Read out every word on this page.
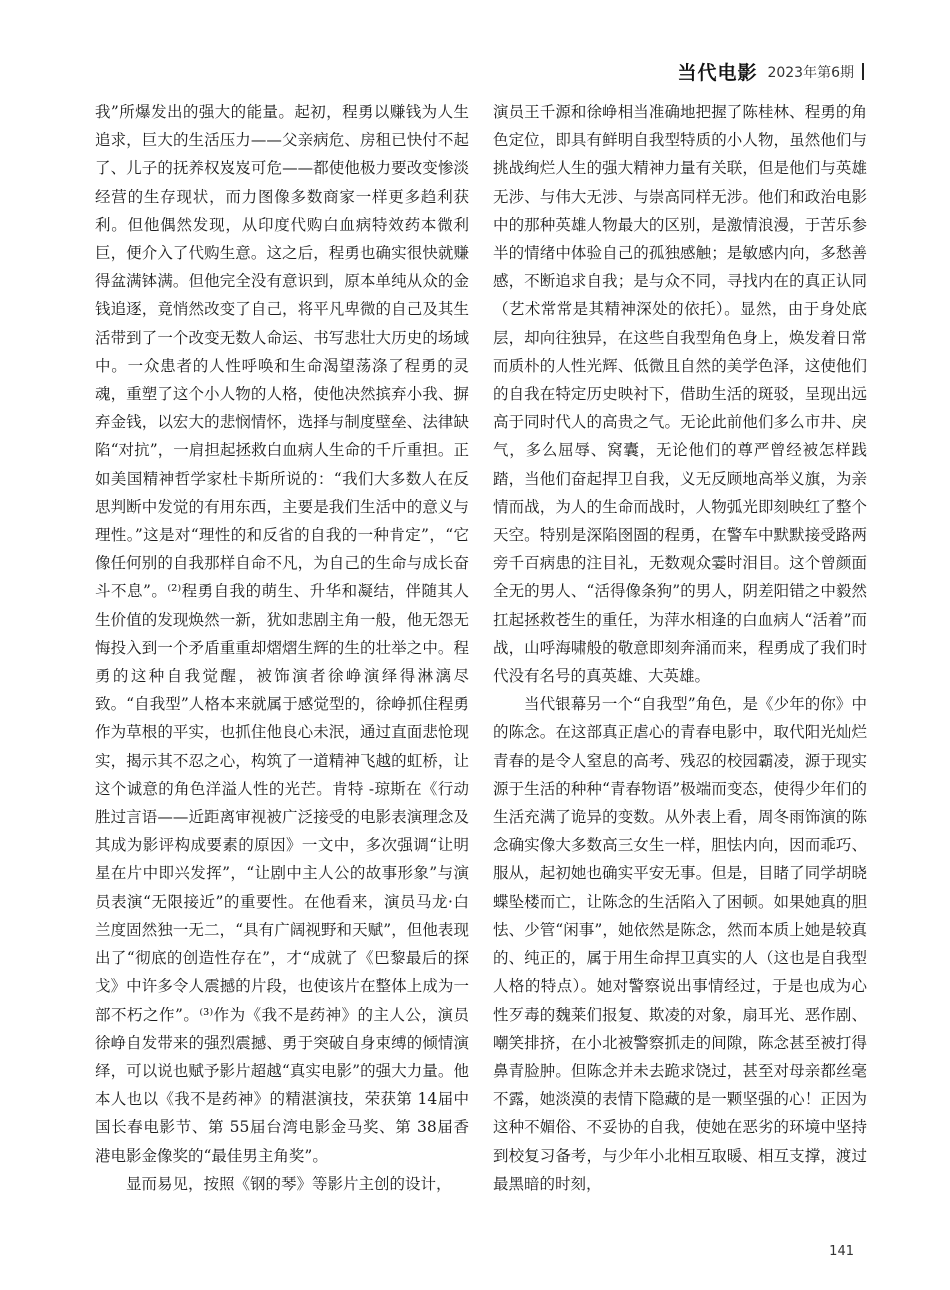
当代电影 2023年第6期

我”所爆发出的强大的能量。起初，程勇以赚钱为人生追求，巨大的生活压力——父亲病危、房租已快付不起了、儿子的抚养权岌岌可危——都使他极力要改变惨淡经营的生存现状，而力图像多数商家一样更多趋利获利。但他偶然发现，从印度代购白血病特效药本微利巨，便介入了代购生意。这之后，程勇也确实很快就赚得盆满钵满。但他完全没有意识到，原本单纯从众的金钱追逐，竟悄然改变了自己，将平凡卑微的自己及其生活带到了一个改变无数人命运、书写悲壮大历史的场域中。一众患者的人性呼唤和生命渴望荡涤了程勇的灵魂，重塑了这个小人物的人格，使他决然摈弃小我、摒弃金钱，以宏大的悲悯情怀，选择与制度壁垒、法律缺陷“对抗”，一肩担起拯救白血病人生命的千斤重担。正如美国精神哲学家杜卡斯所说的：“我们大多数人在反思判断中发觉的有用东西，主要是我们生活中的意义与理性。”这是对“理性的和反省的自我的一种肯定”，“它像任何别的自我那样自命不凡，为自己的生命与成长奋斗不息”。⁽²⁾程勇自我的萌生、升华和凝结，伴随其人生价值的发现焕然一新，犹如悲剧主角一般，他无怨无悔投入到一个矛盾重重却熠熠生辉的生的壮举之中。程勇的这种自我觉醒，被饰演者徐峥演绎得淋漓尽致。“自我型”人格本来就属于感觉型的，徐峥抓住程勇作为草根的平实，也抓住他良心未泯，通过直面悲怆现实，揭示其不忍之心，构筑了一道精神飞越的虹桥，让这个诚意的角色洋溢人性的光芒。肯特 -琼斯在《行动胜过言语——近距离审视被广泛接受的电影表演理念及其成为影评构成要素的原因》一文中，多次强调“让明星在片中即兴发挥”，“让剧中主人公的故事形象”与演员表演“无限接近”的重要性。在他看来，演员马龙·白兰度固然独一无二，“具有广阔视野和天赋”，但他表现出了“彻底的创造性存在”，才“成就了《巴黎最后的探戈》中许多令人震撼的片段，也使该片在整体上成为一部不朽之作”。⁽³⁾作为《我不是药神》的主人公，演员徐峥自发带来的强烈震撼、勇于突破自身束缚的倾情演绎，可以说也赋予影片超越“真实电影”的强大力量。他本人也以《我不是药神》的精湛演技，荣获第 14届中国长春电影节、第 55届台湾电影金马奖、第 38届香港电影金像奖的“最佳男主角奖”。

显而易见，按照《钢的琴》等影片主创的设计，

演员王千源和徐峥相当准确地把握了陈桂林、程勇的角色定位，即具有鲜明自我型特质的小人物，虽然他们与挑战绚烂人生的强大精神力量有关联，但是他们与英雄无涉、与伟大无涉、与崇高同样无涉。他们和政治电影中的那种英雄人物最大的区别，是激情浪漫，于苦乐参半的情绪中体验自己的孤独感触；是敏感内向，多愁善感，不断追求自我；是与众不同，寻找内在的真正认同（艺术常常是其精神深处的依托）。显然，由于身处底层，却向往独异，在这些自我型角色身上，焕发着日常而质朴的人性光辉、低微且自然的美学色泽，这使他们的自我在特定历史映衬下，借助生活的斑驳，呈现出远高于同时代人的高贵之气。无论此前他们多么市井、戾气，多么屈辱、窝囊，无论他们的尊严曾经被怎样践踏，当他们奋起捍卫自我，义无反顾地高举义旗，为亲情而战，为人的生命而战时，人物弧光即刻映红了整个天空。特别是深陷囹圄的程勇，在警车中默默接受路两旁千百病患的注目礼，无数观众霎时泪目。这个曾颜面全无的男人、“活得像条狗”的男人，阴差阳错之中毅然扛起拯救苍生的重任，为萍水相逢的白血病人“活着”而战，山呼海啸般的敬意即刻奔涌而来，程勇成了我们时代没有名号的真英雄、大英雄。

当代银幕另一个“自我型”角色，是《少年的你》中的陈念。在这部真正虐心的青春电影中，取代阳光灿烂青春的是令人窒息的高考、残忍的校园霸凌，源于现实源于生活的种种“青春物语”极端而变态，使得少年们的生活充满了诡异的变数。从外表上看，周冬雨饰演的陈念确实像大多数高三女生一样，胆怯内向，因而乖巧、服从，起初她也确实平安无事。但是，目睹了同学胡晓蝶坠楼而亡，让陈念的生活陷入了困顿。如果她真的胆怯、少管“闲事”，她依然是陈念，然而本质上她是较真的、纯正的，属于用生命捍卫真实的人（这也是自我型人格的特点）。她对警察说出事情经过，于是也成为心性歹毒的魏莱们报复、欺凌的对象，扇耳光、恶作剧、嘲笑排挤，在小北被警察抓走的间隙，陈念甚至被打得鼻青脸肿。但陈念并未去跪求饶过，甚至对母亲都丝毫不露，她淡漠的表情下隐藏的是一颗坚强的心！正因为这种不媚俗、不妥协的自我，使她在恶劣的环境中坚持到校复习备考，与少年小北相互取暖、相互支撑，渡过最黑暗的时刻，

141
